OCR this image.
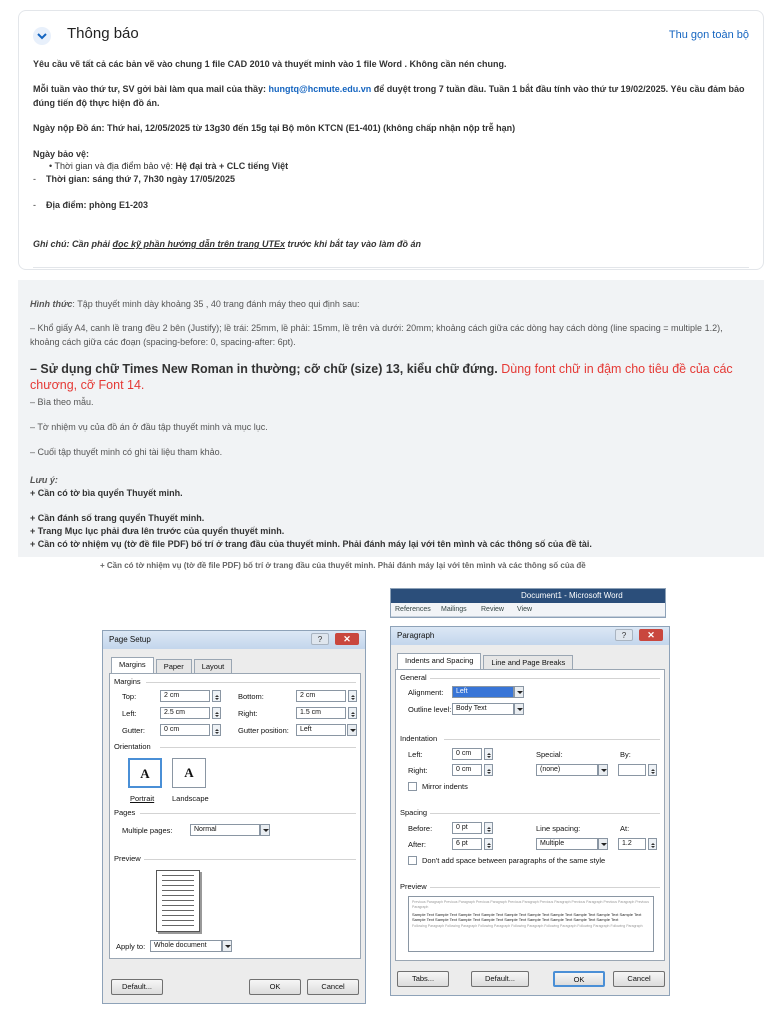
Thông báo	Thu gọn toàn bộ
Yêu cầu vẽ tất cả các bản vẽ vào chung 1 file CAD 2010 và thuyết minh vào 1 file Word . Không cần nén chung.
Mỗi tuần vào thứ tư, SV gởi bài làm qua mail của thầy: hungtq@hcmute.edu.vn để duyệt trong 7 tuần đầu. Tuần 1 bắt đầu tính vào thứ tư 19/02/2025. Yêu cầu đảm bảo đúng tiến độ thực hiện đồ án.
Ngày nộp Đồ án: Thứ hai, 12/05/2025 từ 13g30 đến 15g tại Bộ môn KTCN (E1-401) (không chấp nhận nộp trễ hạn)
Ngày bảo vệ:
• Thời gian và địa điểm bảo vệ: Hệ đại trà + CLC tiếng Việt
-    Thời gian: sáng thứ 7, 7h30 ngày 17/05/2025
-    Địa điểm: phòng E1-203
Ghi chú: Cần phải đọc kỹ phần hướng dẫn trên trang UTEx trước khi bắt tay vào làm đồ án
Hình thức: Tập thuyết minh dày khoảng 35 , 40 trang đánh máy theo qui định sau:
– Khổ giấy A4, canh lề trang đều 2 bên (Justify); lề trái: 25mm, lề phải: 15mm, lề trên và dưới: 20mm; khoảng cách giữa các dòng hay cách dòng (line spacing = multiple 1.2), khoảng cách giữa các đoạn (spacing-before: 0, spacing-after: 6pt).
– Sử dụng chữ Times New Roman in thường; cỡ chữ (size) 13, kiểu chữ đứng. Dùng font chữ in đậm cho tiêu đề của các chương, cỡ Font 14.
– Bìa theo mẫu.
– Tờ nhiệm vụ của đồ án ở đầu tập thuyết minh và mục lục.
– Cuối tập thuyết minh có ghi tài liệu tham khảo.
Lưu ý:
+ Cần có tờ bìa quyển Thuyết minh.
+ Cần đánh số trang quyển Thuyết minh.
+ Trang Mục lục phải đưa lên trước của quyển thuyết minh.
+ Cần có tờ nhiệm vụ (tờ đề file PDF) bố trí ở trang đầu của thuyết minh. Phải đánh máy lại với tên mình và các thông số của đề tài.
+ Cần có tờ nhiệm vụ (tờ đề file PDF) bố trí ở trang đầu của thuyết minh. Phải đánh máy lại với tên mình và các thông số của đề
Page Setup	?	✕
Margins	Paper	Layout
Margins
Top:	2 cm	Bottom:	2 cm
Left:	2.5 cm	Right:	1.5 cm
Gutter:	0 cm	Gutter position:	Left
Orientation
A	A
Portrait Landscape
Pages
Multiple pages:	Normal
Preview
Apply to:	Whole document
Default...	OK	Cancel
Document1 - Microsoft Word
References Mailings Review View
Paragraph	?	✕
Indents and Spacing	Line and Page Breaks
General
Alignment:	Left
Outline level: Body Text
Indentation
Left:	0 cm	Special:	By:
Right:	0 cm	(none)
Mirror indents
Spacing
Before:	0 pt	Line spacing:	At:
After:	6 pt	Multiple	1.2
Don't add space between paragraphs of the same style
Preview
Previous Paragraph Previous Paragraph Previous Paragraph Previous Paragraph Previous Paragraph Previous Paragraph Previous Paragraph Previous Paragraph
Sample Text Sample Text Sample Text Sample Text Sample Text Sample Text Sample Text Sample Text Sample Text Sample Text Sample Text Sample Text Sample Text Sample Text Sample Text Sample Text Sample Text Sample Text Sample Text
Following Paragraph Following Paragraph Following Paragraph Following Paragraph Following Paragraph Following Paragraph Following Paragraph
Tabs...	Default...	OK	Cancel
